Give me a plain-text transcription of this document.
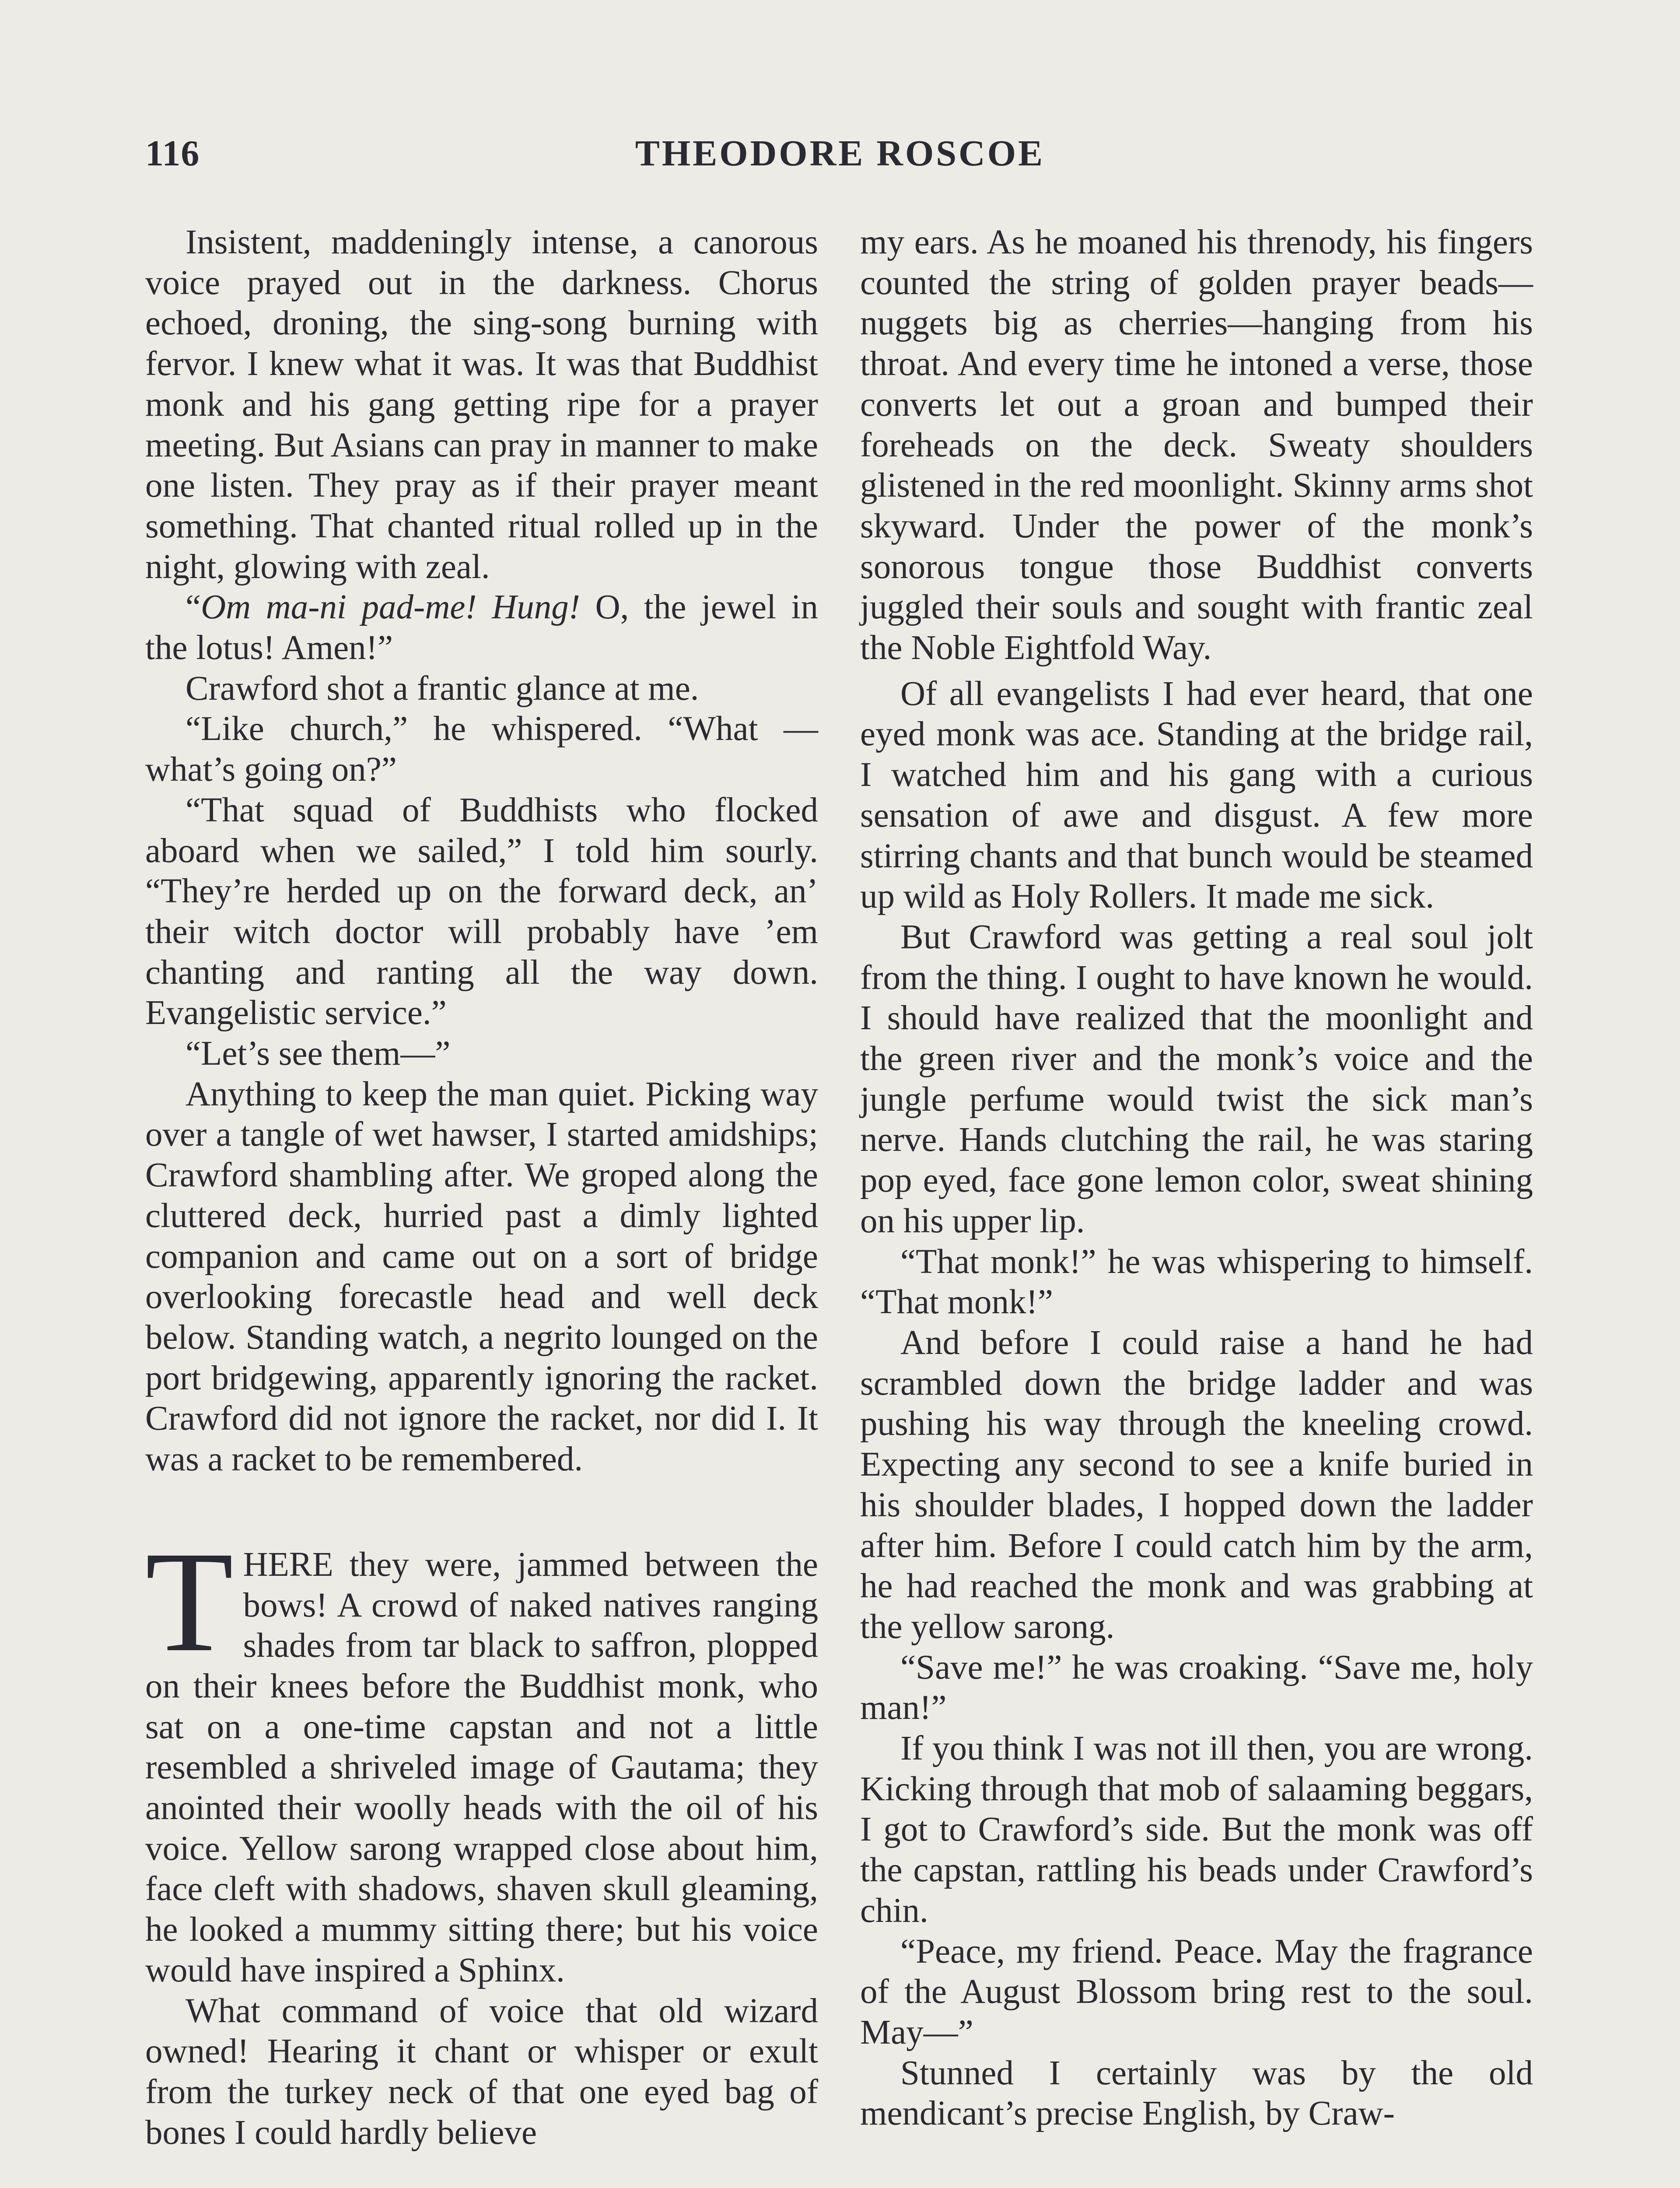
116	THEODORE ROSCOE

Insistent, maddeningly intense, a canorous voice prayed out in the darkness. Chorus echoed, droning, the sing-song burning with fervor. I knew what it was. It was that Buddhist monk and his gang getting ripe for a prayer meeting. But Asians can pray in manner to make one listen. They pray as if their prayer meant something. That chanted ritual rolled up in the night, glowing with zeal.

“Om ma-ni pad-me! Hung! O, the jewel in the lotus! Amen!”

Crawford shot a frantic glance at me.

“Like church,” he whispered. “What —what’s going on?”

“That squad of Buddhists who flocked aboard when we sailed,” I told him sourly. “They’re herded up on the forward deck, an’ their witch doctor will probably have ’em chanting and ranting all the way down. Evangelistic service.”

“Let’s see them—”

Anything to keep the man quiet. Picking way over a tangle of wet hawser, I started amidships; Crawford shambling after. We groped along the cluttered deck, hurried past a dimly lighted companion and came out on a sort of bridge overlooking forecastle head and well deck below. Standing watch, a negrito lounged on the port bridgewing, apparently ignoring the racket. Crawford did not ignore the racket, nor did I. It was a racket to be remembered.

THERE they were, jammed between the bows! A crowd of naked natives ranging shades from tar black to saffron, plopped on their knees before the Buddhist monk, who sat on a one-time capstan and not a little resembled a shriveled image of Gautama; they anointed their woolly heads with the oil of his voice. Yellow sarong wrapped close about him, face cleft with shadows, shaven skull gleaming, he looked a mummy sitting there; but his voice would have inspired a Sphinx.

What command of voice that old wizard owned! Hearing it chant or whisper or exult from the turkey neck of that one eyed bag of bones I could hardly believe

my ears. As he moaned his threnody, his fingers counted the string of golden prayer beads—nuggets big as cherries—hanging from his throat. And every time he intoned a verse, those converts let out a groan and bumped their foreheads on the deck. Sweaty shoulders glistened in the red moonlight. Skinny arms shot skyward. Under the power of the monk’s sonorous tongue those Buddhist converts juggled their souls and sought with frantic zeal the Noble Eightfold Way.

Of all evangelists I had ever heard, that one eyed monk was ace. Standing at the bridge rail, I watched him and his gang with a curious sensation of awe and disgust. A few more stirring chants and that bunch would be steamed up wild as Holy Rollers. It made me sick.

But Crawford was getting a real soul jolt from the thing. I ought to have known he would. I should have realized that the moonlight and the green river and the monk’s voice and the jungle perfume would twist the sick man’s nerve. Hands clutching the rail, he was staring pop eyed, face gone lemon color, sweat shining on his upper lip.

“That monk!” he was whispering to himself. “That monk!”

And before I could raise a hand he had scrambled down the bridge ladder and was pushing his way through the kneeling crowd. Expecting any second to see a knife buried in his shoulder blades, I hopped down the ladder after him. Before I could catch him by the arm, he had reached the monk and was grabbing at the yellow sarong.

“Save me!” he was croaking. “Save me, holy man!”

If you think I was not ill then, you are wrong. Kicking through that mob of salaaming beggars, I got to Crawford’s side. But the monk was off the capstan, rattling his beads under Crawford’s chin.

“Peace, my friend. Peace. May the fragrance of the August Blossom bring rest to the soul. May—”

Stunned I certainly was by the old mendicant’s precise English, by Craw-
